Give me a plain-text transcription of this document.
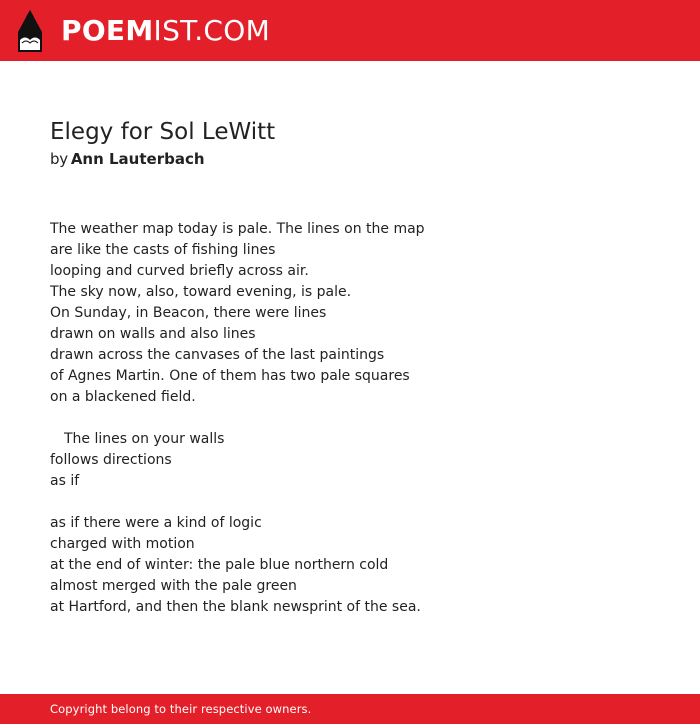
POEMIST.COM
Elegy for Sol LeWitt
by Ann Lauterbach
The weather map today is pale. The lines on the map
are like the casts of fishing lines
looping and curved briefly across air.
The sky now, also, toward evening, is pale.
On Sunday, in Beacon, there were lines
drawn on walls and also lines
drawn across the canvases of the last paintings
of Agnes Martin. One of them has two pale squares
on a blackened field.
  The lines on your walls
follows directions
as if
as if there were a kind of logic
charged with motion
at the end of winter: the pale blue northern cold
almost merged with the pale green
at Hartford, and then the blank newsprint of the sea.
Copyright belong to their respective owners.
